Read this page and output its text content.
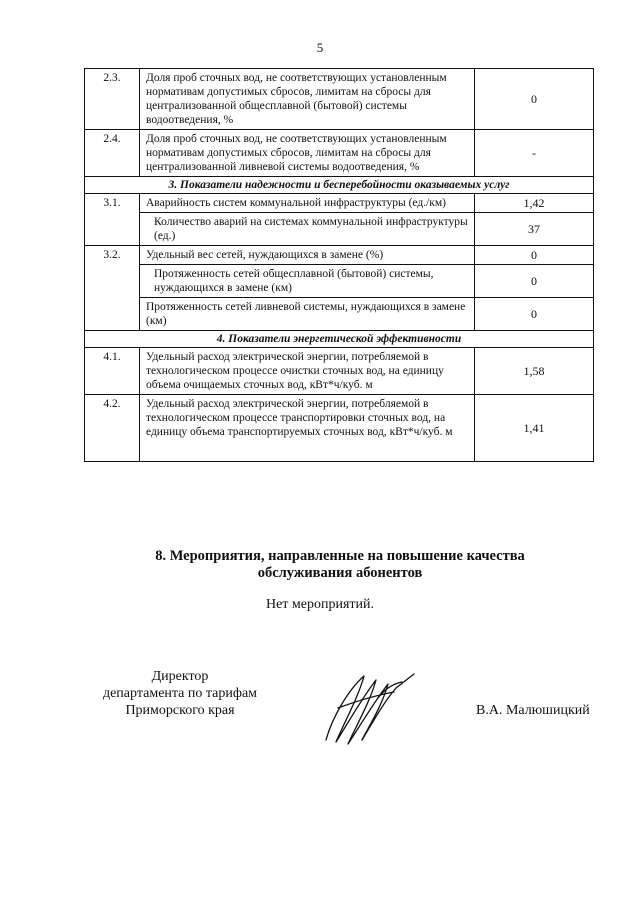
5
2.3.	Доля проб сточных вод, не соответствующих установленным нормативам допустимых сбросов, лимитам на сбросы для централизованной общесплавной (бытовой) системы водоотведения, %	0
2.4.	Доля проб сточных вод, не соответствующих установленным нормативам допустимых сбросов, лимитам на сбросы для централизованной ливневой системы водоотведения, %	-
3. Показатели надежности и бесперебойности оказываемых услуг		
3.1.	Аварийность систем коммунальной инфраструктуры (ед./км)	1,42
	Количество аварий на системах коммунальной инфраструктуры (ед.)	37
3.2.	Удельный вес сетей, нуждающихся в замене (%)	0
	Протяженность сетей общесплавной (бытовой) системы, нуждающихся в замене (км)	0
	Протяженность сетей ливневой системы, нуждающихся в замене (км)	0
4. Показатели энергетической эффективности		
4.1.	Удельный расход электрической энергии, потребляемой в технологическом процессе очистки сточных вод, на единицу объема очищаемых сточных вод, кВт*ч/куб. м	1,58
4.2.	Удельный расход электрической энергии, потребляемой в технологическом процессе транспортировки сточных вод, на единицу объема транспортируемых сточных вод, кВт*ч/куб. м	1,41
8. Мероприятия, направленные на повышение качества
обслуживания абонентов
Нет мероприятий.
Директор
департамента по тарифам
Приморского края	В.А. Малюшицкий
